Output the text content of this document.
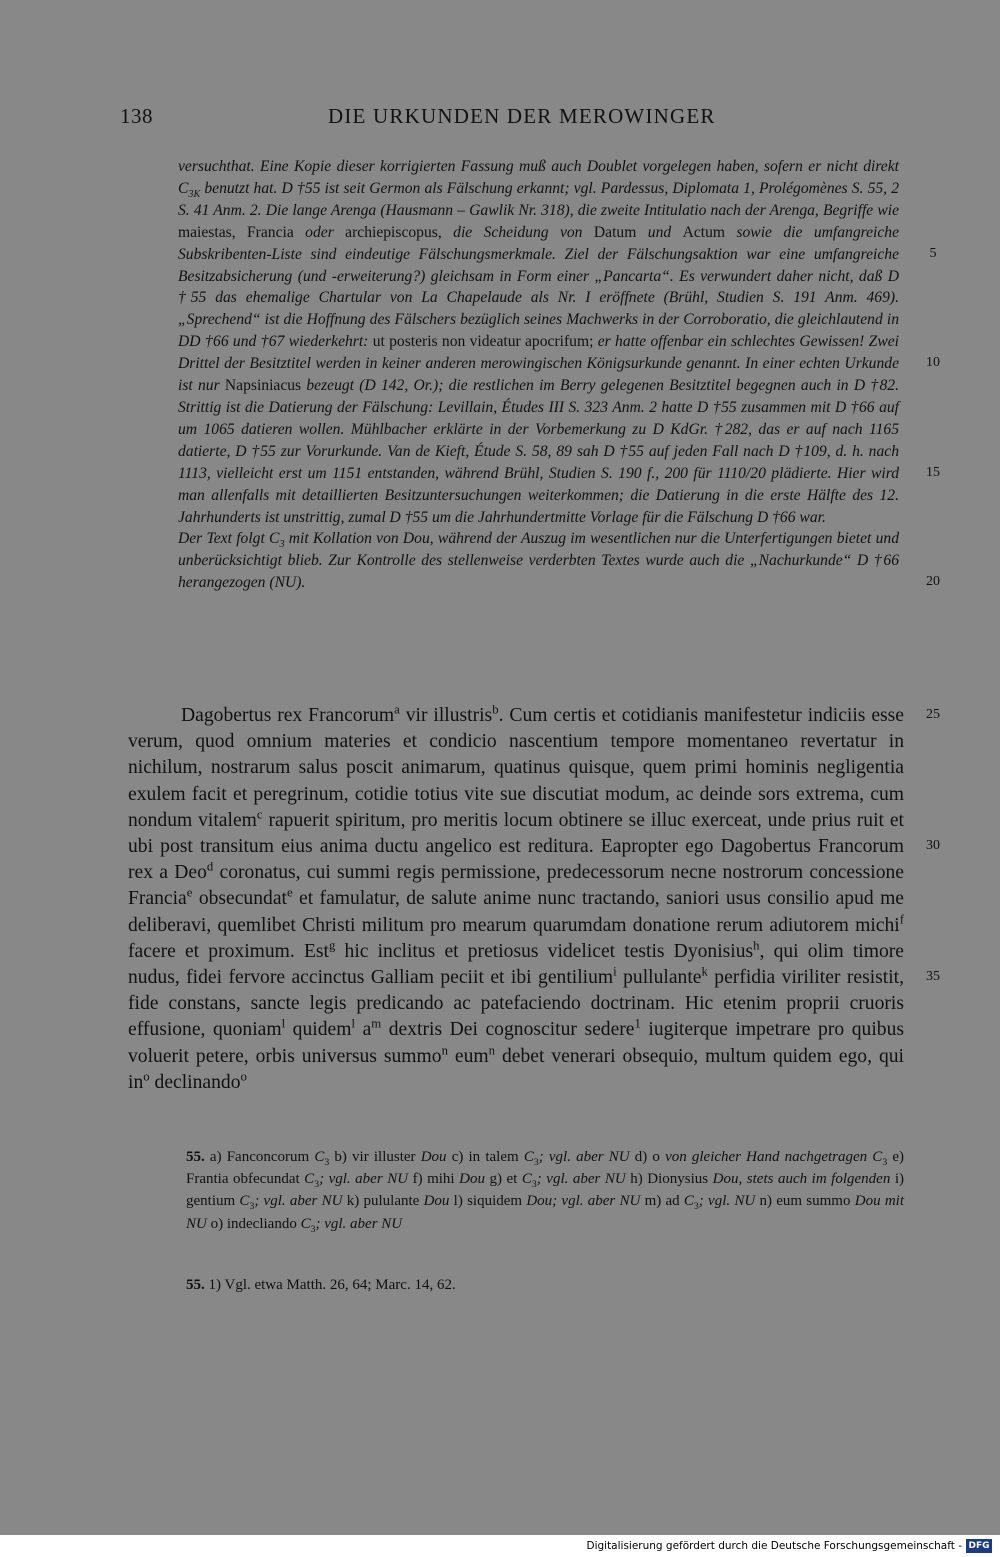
138	DIE URKUNDEN DER MEROWINGER
versuchthat. Eine Kopie dieser korrigierten Fassung muß auch Doublet vorgelegen haben, sofern er nicht direkt $C_{3K}$ benutzt hat. D †55 ist seit Germon als Fälschung erkannt; vgl. Pardessus, Diplomata 1, Prolégomènes S. 55, 2 S. 41 Anm. 2. Die lange Arenga (Hausmann – Gawlik Nr. 318), die zweite Intitulatio nach der Arenga, Begriffe wie maiestas, Francia oder archiepiscopus, die Scheidung von Datum und Actum sowie die umfangreiche Subskribenten-Liste sind eindeutige Fälschungsmerkmale. Ziel der Fälschungsaktion war eine umfangreiche Besitzabsicherung (und -erweiterung?) gleichsam in Form einer „Pancarta“. Es verwundert daher nicht, daß D †55 das ehemalige Chartular von La Chapelaude als Nr. I eröffnete (Brühl, Studien S. 191 Anm. 469). „Sprechend“ ist die Hoffnung des Fälschers bezüglich seines Machwerks in der Corroboratio, die gleichlautend in DD †66 und †67 wiederkehrt: ut posteris non videatur apocrifum; er hatte offenbar ein schlechtes Gewissen! Zwei Drittel der Besitztitel werden in keiner anderen merowingischen Königsurkunde genannt. In einer echten Urkunde ist nur Napsiniacus bezeugt (D 142, Or.); die restlichen im Berry gelegenen Besitztitel begegnen auch in D †82. Strittig ist die Datierung der Fälschung: Levillain, Études III S. 323 Anm. 2 hatte D †55 zusammen mit D †66 auf um 1065 datieren wollen. Mühlbacher erklärte in der Vorbemerkung zu D KdGr. †282, das er auf nach 1165 datierte, D †55 zur Vorurkunde. Van de Kieft, Étude S. 58, 89 sah D †55 auf jeden Fall nach D †109, d. h. nach 1113, vielleicht erst um 1151 entstanden, während Brühl, Studien S. 190 f., 200 für 1110/20 plädierte. Hier wird man allenfalls mit detaillierten Besitzuntersuchungen weiterkommen; die Datierung in die erste Hälfte des 12. Jahrhunderts ist unstrittig, zumal D †55 um die Jahrhundertmitte Vorlage für die Fälschung D †66 war.
Der Text folgt $C_3$ mit Kollation von Dou, während der Auszug im wesentlichen nur die Unterfertigungen bietet und unberücksichtigt blieb. Zur Kontrolle des stellenweise verderbten Textes wurde auch die „Nachurkunde“ D †66 herangezogen (NU).

Dagobertus rex Francorum$^a$ vir illustris$^b$. Cum certis et cotidianis manifestetur indiciis esse verum, quod omnium materies et condicio nascentium tempore momentaneo revertatur in nichilum, nostrarum salus poscit animarum, quatinus quisque, quem primi hominis negligentia exulem facit et peregrinum, cotidie totius vite sue discutiat modum, ac deinde sors extrema, cum nondum vitalem$^c$ rapuerit spiritum, pro meritis locum obtinere se illuc exerceat, unde prius ruit et ubi post transitum eius anima ductu angelico est reditura. Eapropter ego Dagobertus Francorum rex a Deo$^d$ coronatus, cui summi regis permissione, predecessorum necne nostrorum concessione Francia$^e$ obsecundat$^e$ et famulatur, de salute anime nunc tractando, saniori usus consilio apud me deliberavi, quemlibet Christi militum pro mearum quarumdam donatione rerum adiutorem michi$^f$ facere et proximum. Est$^g$ hic inclitus et pretiosus videlicet testis Dyonisius$^h$, qui olim timore nudus, fidei fervore accinctus Galliam peciit et ibi gentilium$^i$ pullulante$^k$ perfidia viriliter resistit, fide constans, sancte legis predicando ac patefaciendo doctrinam. Hic etenim proprii cruoris effusione, quoniam$^l$ quidem$^l$ $a^m$ dextris Dei cognoscitur sedere$^1$ iugiterque impetrare pro quibus voluerit petere, orbis universus summo$^n$ eum$^n$ debet venerari obsequio, multum quidem ego, qui $in^o$ declinando$^o$

5
10
15
20
25
30
35
55. a) Fanconcorum $C_3$ b) vir illuster Dou c) in talem $C_3$; vgl. aber NU d) o von gleicher Hand nachgetragen $C_3$ e) Frantia obfecundat $C_3$; vgl. aber NU f) mihi Dou g) et $C_3$; vgl. aber NU h) Dionysius Dou, stets auch im folgenden i) gentium $C_3$; vgl. aber NU k) pululante Dou l) siquidem Dou; vgl. aber NU m) ad $C_3$; vgl. NU n) eum summo Dou mit NU o) indecliando $C_3$; vgl. aber NU
55. 1) Vgl. etwa Matth. 26, 64; Marc. 14, 62.
Digitalisierung gefördert durch die Deutsche Forschungsgemeinschaft - DFG
